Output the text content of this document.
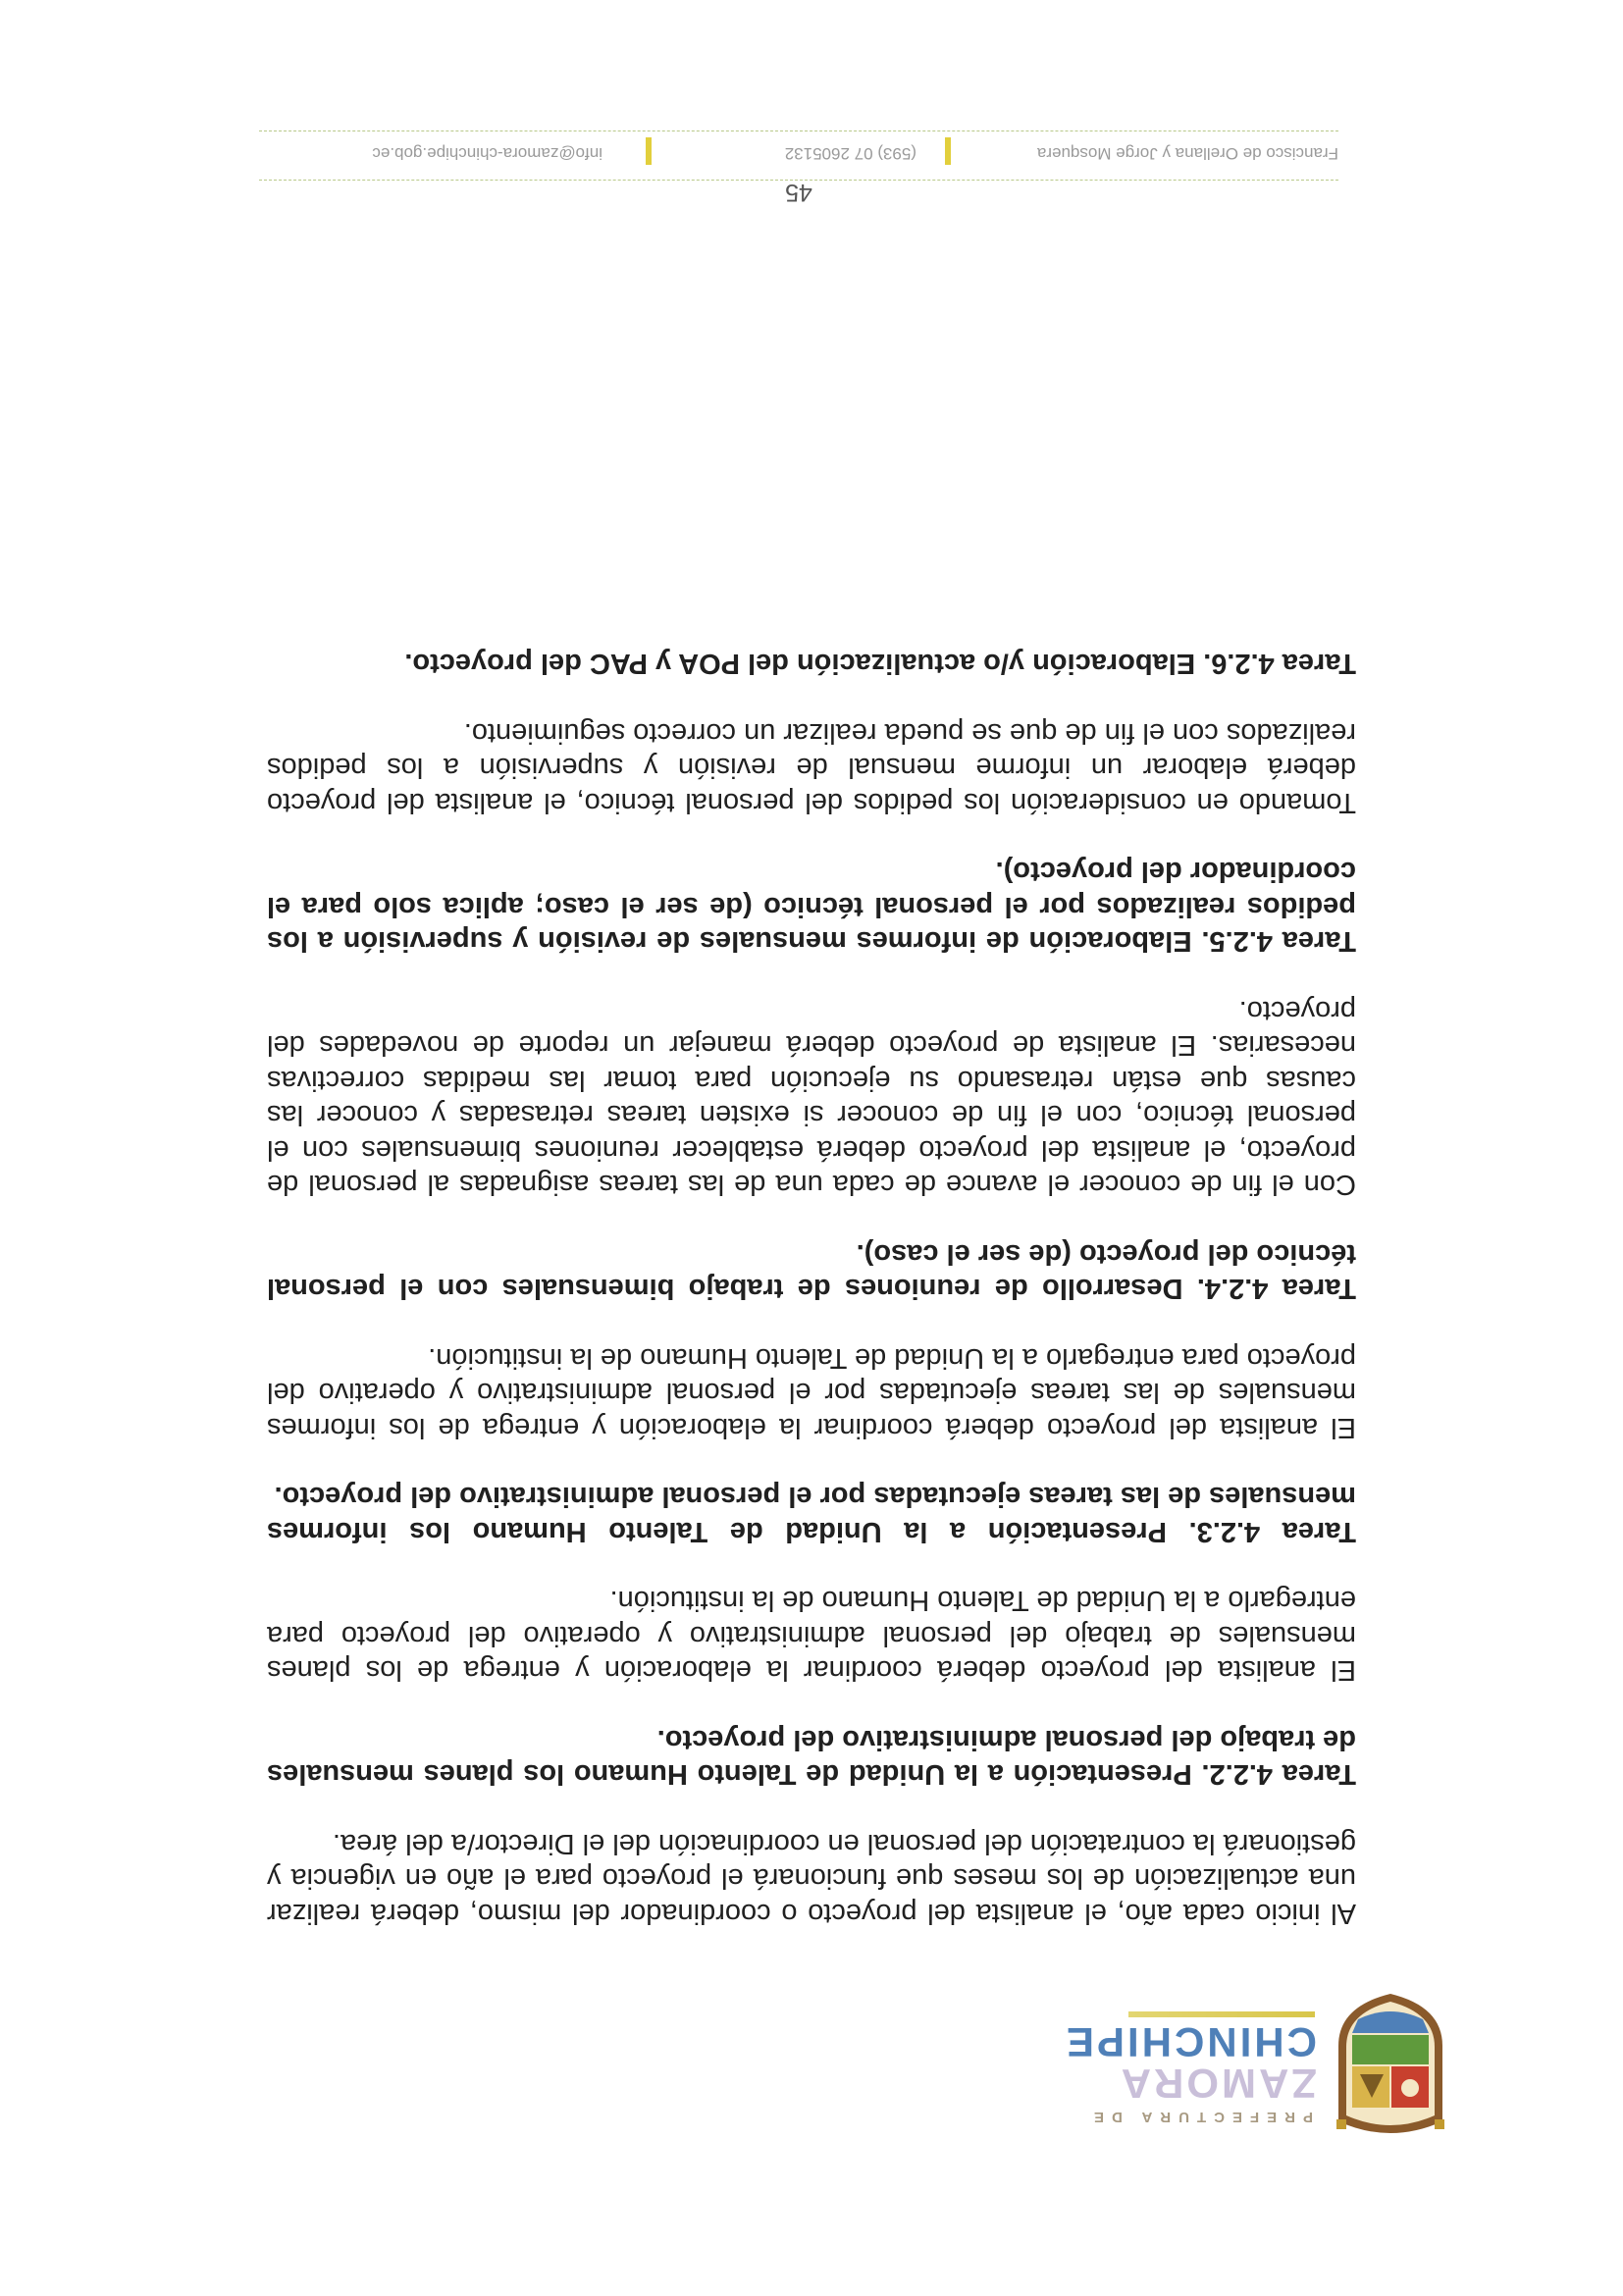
PREFECTURA DE
ZAMORA
CHINCHIPE

Al inicio cada año, el analista del proyecto o coordinador del mismo, deberá realizar una actualización de los meses que funcionará el proyecto para el año en vigencia y gestionará la contratación del personal en coordinación del el Director/a del área.

Tarea 4.2.2. Presentación a la Unidad de Talento Humano los planes mensuales de trabajo del personal administrativo del proyecto.

El analista del proyecto deberá coordinar la elaboración y entrega de los planes mensuales de trabajo del personal administrativo y operativo del proyecto para entregarlo a la Unidad de Talento Humano de la institución.

Tarea 4.2.3. Presentación a la Unidad de Talento Humano los informes mensuales de las tareas ejecutadas por el personal administrativo del proyecto.

El analista del proyecto deberá coordinar la elaboración y entrega de los informes mensuales de las tareas ejecutadas por el personal administrativo y operativo del proyecto para entregarlo a la Unidad de Talento Humano de la institución.

Tarea 4.2.4. Desarrollo de reuniones de trabajo bimensuales con el personal técnico del proyecto (de ser el caso).

Con el fin de conocer el avance de cada una de las tareas asignadas al personal de proyecto, el analista del proyecto deberá establecer reuniones bimensuales con el personal técnico, con el fin de conocer si existen tareas retrasadas y conocer las causas que están retrasando su ejecución para tomar las medidas correctivas necesarias. El analista de proyecto deberá manejar un reporte de novedades del proyecto.

Tarea 4.2.5. Elaboración de informes mensuales de revisión y supervisión a los pedidos realizados por el personal técnico (de ser el caso; aplica solo para el coordinador del proyecto).

Tomando en consideración los pedidos del personal técnico, el analista del proyecto deberá elaborar un informe mensual de revisión y supervisión a los pedidos realizados con el fin de que se pueda realizar un correcto seguimiento.

Tarea 4.2.6. Elaboración y/o actualización del POA y PAC del proyecto.

45
Francisco de Orellana y Jorge Mosquera
(593) 07 2605132
info@zamora-chinchipe.gob.ec
